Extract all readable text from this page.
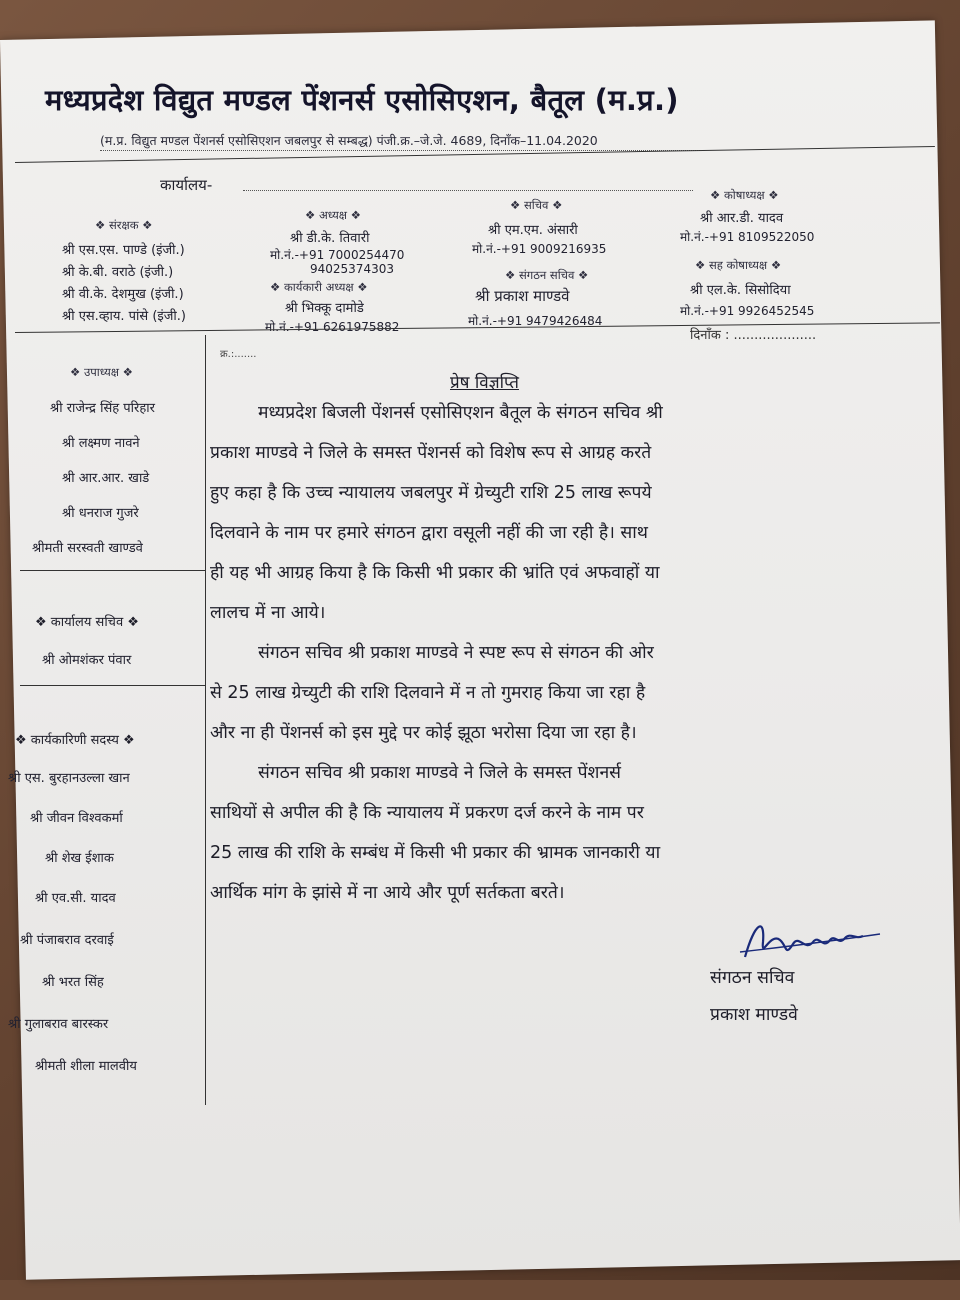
मध्यप्रदेश विद्युत मण्डल पेंशनर्स एसोसिएशन, बैतूल (म.प्र.)
(म.प्र. विद्युत मण्डल पेंशनर्स एसोसिएशन जबलपुर से सम्बद्ध) पंजी.क्र.–जे.जे. 4689, दिनाँक–11.04.2020
कार्यालय-
❖ संरक्षक ❖
श्री एस.एस. पाण्डे (इंजी.)
श्री के.बी. वराठे (इंजी.)
श्री वी.के. देशमुख (इंजी.)
श्री एस.व्हाय. पांसे (इंजी.)
❖ अध्यक्ष ❖
श्री डी.के. तिवारी
मो.नं.-+91 7000254470
94025374303
❖ कार्यकारी अध्यक्ष ❖
श्री भिक्कू दामोडे
मो.नं.-+91 6261975882
❖ सचिव ❖
श्री एम.एम. अंसारी
मो.नं.-+91 9009216935
❖ संगठन सचिव ❖
श्री प्रकाश माण्डवे
मो.नं.-+91 9479426484
❖ कोषाध्यक्ष ❖
श्री आर.डी. यादव
मो.नं.-+91 8109522050
❖ सह कोषाध्यक्ष ❖
श्री एल.के. सिसोदिया
मो.नं.-+91 9926452545
क्र.:.......
दिनाँक : ....................
❖ उपाध्यक्ष ❖
श्री राजेन्द्र सिंह परिहार
श्री लक्ष्मण नावने
श्री आर.आर. खाडे
श्री धनराज गुजरे
श्रीमती सरस्वती खाण्डवे
❖ कार्यालय सचिव ❖
श्री ओमशंकर पंवार
❖ कार्यकारिणी सदस्य ❖
श्री एस. बुरहानउल्ला खान
श्री जीवन विश्वकर्मा
श्री शेख ईशाक
श्री एव.सी. यादव
श्री पंजाबराव दरवाई
श्री भरत सिंह
श्री गुलाबराव बारस्कर
श्रीमती शीला मालवीय
प्रेष विज्ञप्ति
मध्यप्रदेश बिजली पेंशनर्स एसोसिएशन बैतूल के संगठन सचिव श्री
प्रकाश माण्डवे ने जिले के समस्त पेंशनर्स को विशेष रूप से आग्रह करते
हुए कहा है कि उच्च न्यायालय जबलपुर में ग्रेच्युटी राशि 25 लाख रूपये
दिलवाने के नाम पर हमारे संगठन द्वारा वसूली नहीं की जा रही है। साथ
ही यह भी आग्रह किया है कि किसी भी प्रकार की भ्रांति एवं अफवाहों या
लालच में ना आये।
संगठन सचिव श्री प्रकाश माण्डवे ने स्पष्ट रूप से संगठन की ओर
से 25 लाख ग्रेच्युटी की राशि दिलवाने में न तो गुमराह किया जा रहा है
और ना ही पेंशनर्स को इस मुद्दे पर कोई झूठा भरोसा दिया जा रहा है।
संगठन सचिव श्री प्रकाश माण्डवे ने जिले के समस्त पेंशनर्स
साथियों से अपील की है कि न्यायालय में प्रकरण दर्ज करने के नाम पर
25 लाख की राशि के सम्बंध में किसी भी प्रकार की भ्रामक जानकारी या
आर्थिक मांग के झांसे में ना आये और पूर्ण सर्तकता बरते।
संगठन सचिव
प्रकाश माण्डवे
